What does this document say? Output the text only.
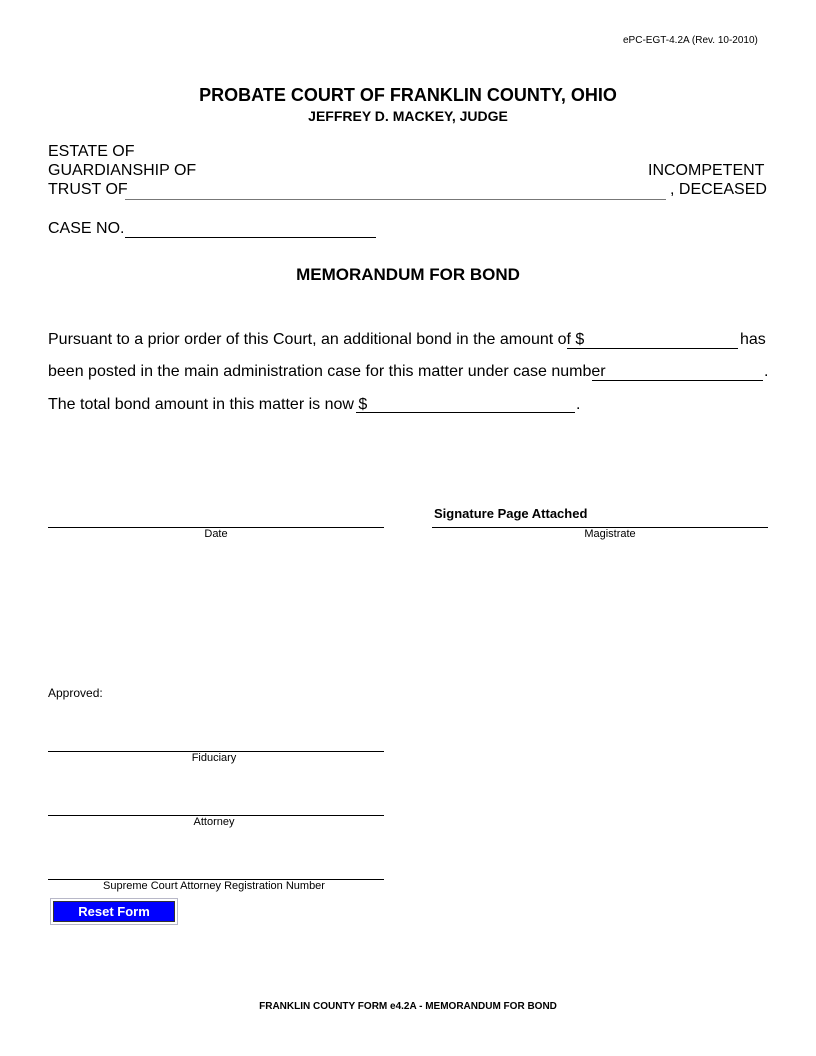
ePC-EGT-4.2A (Rev. 10-2010)
PROBATE COURT OF FRANKLIN COUNTY, OHIO
JEFFREY D. MACKEY, JUDGE
ESTATE OF
GUARDIANSHIP OF	INCOMPETENT
TRUST OF	, DECEASED
CASE NO.
MEMORANDUM FOR BOND
Pursuant to a prior order of this Court, an additional bond in the amount of $	has
been posted in the main administration case for this matter under case number	.
The total bond amount in this matter is now $	.
Date
Signature Page Attached
Magistrate
Approved:
Fiduciary
Attorney
Supreme Court Attorney Registration Number
Reset Form
FRANKLIN COUNTY FORM e4.2A - MEMORANDUM FOR BOND
